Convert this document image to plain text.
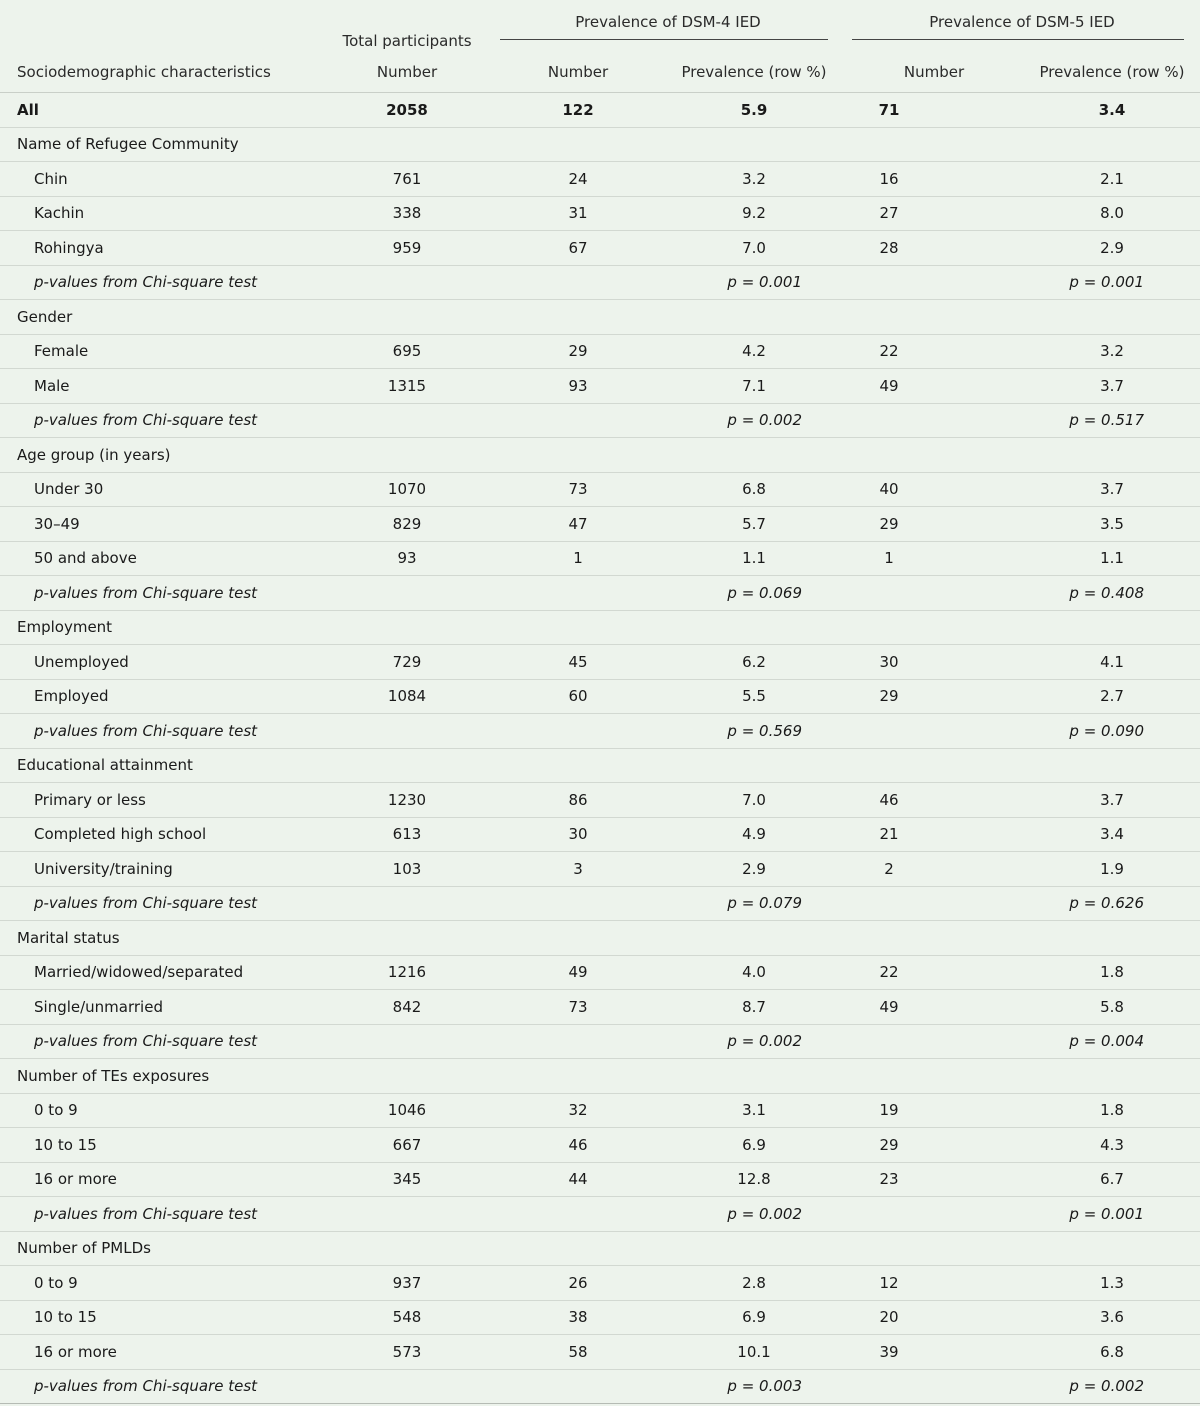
	Total participants	Prevalence of DSM-4 IED		Prevalence of DSM-5 IED	

Sociodemographic characteristics	Number	Number	Prevalence (row %)	Number	Prevalence (row %)
All	2058	122	5.9	71	3.4
Name of Refugee Community					
Chin	761	24	3.2	16	2.1
Kachin	338	31	9.2	27	8.0
Rohingya	959	67	7.0	28	2.9
p-values from Chi-square test			p = 0.001		p = 0.001
Gender					
Female	695	29	4.2	22	3.2
Male	1315	93	7.1	49	3.7
p-values from Chi-square test			p = 0.002		p = 0.517
Age group (in years)					
Under 30	1070	73	6.8	40	3.7
30–49	829	47	5.7	29	3.5
50 and above	93	1	1.1	1	1.1
p-values from Chi-square test			p = 0.069		p = 0.408
Employment					
Unemployed	729	45	6.2	30	4.1
Employed	1084	60	5.5	29	2.7
p-values from Chi-square test			p = 0.569		p = 0.090
Educational attainment					
Primary or less	1230	86	7.0	46	3.7
Completed high school	613	30	4.9	21	3.4
University/training	103	3	2.9	2	1.9
p-values from Chi-square test			p = 0.079		p = 0.626
Marital status					
Married/widowed/separated	1216	49	4.0	22	1.8
Single/unmarried	842	73	8.7	49	5.8
p-values from Chi-square test			p = 0.002		p = 0.004
Number of TEs exposures					
0 to 9	1046	32	3.1	19	1.8
10 to 15	667	46	6.9	29	4.3
16 or more	345	44	12.8	23	6.7
p-values from Chi-square test			p = 0.002		p = 0.001
Number of PMLDs					
0 to 9	937	26	2.8	12	1.3
10 to 15	548	38	6.9	20	3.6
16 or more	573	58	10.1	39	6.8
p-values from Chi-square test			p = 0.003		p = 0.002
